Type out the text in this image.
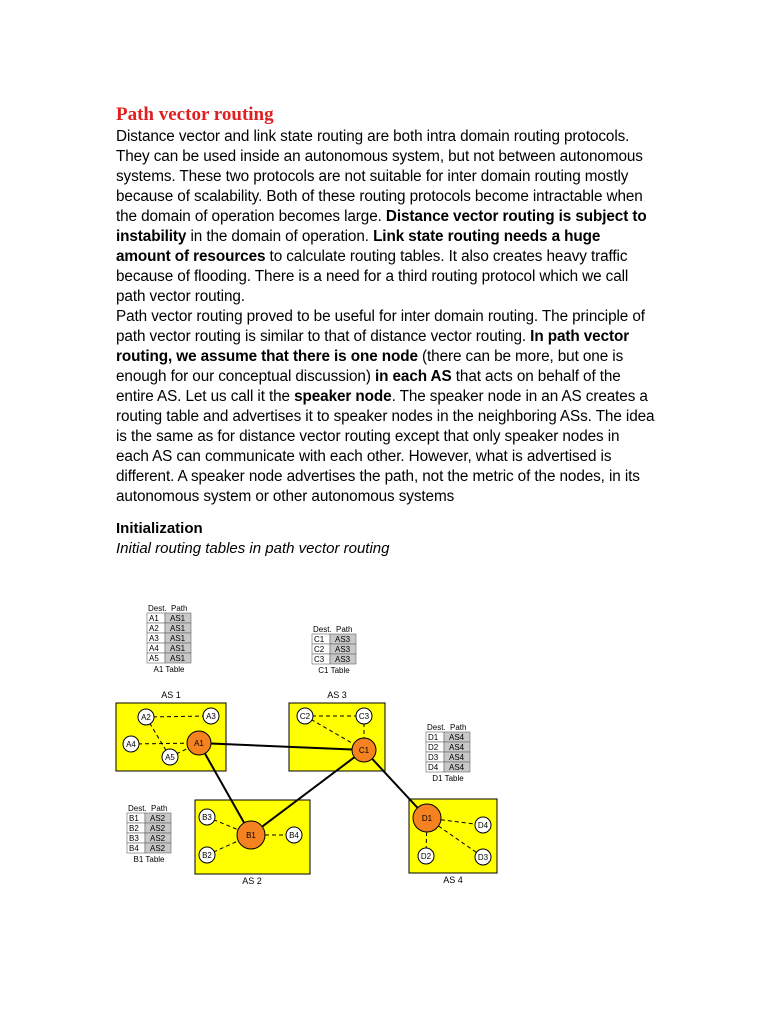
Path vector routing

Distance vector and link state routing are both intra domain routing protocols. They can be used inside an autonomous system, but not between autonomous systems. These two protocols are not suitable for inter domain routing mostly because of scalability. Both of these routing protocols become intractable when the domain of operation becomes large. Distance vector routing is subject to instability in the domain of operation. Link state routing needs a huge amount of resources to calculate routing tables. It also creates heavy traffic because of flooding. There is a need for a third routing protocol which we call path vector routing.

Path vector routing proved to be useful for inter domain routing. The principle of path vector routing is similar to that of distance vector routing. In path vector routing, we assume that there is one node (there can be more, but one is enough for our conceptual discussion) in each AS that acts on behalf of the entire AS. Let us call it the speaker node. The speaker node in an AS creates a routing table and advertises it to speaker nodes in the neighboring ASs. The idea is the same as for distance vector routing except that only speaker nodes in each AS can communicate with each other. However, what is advertised is different. A speaker node advertises the path, not the metric of the nodes, in its autonomous system or other autonomous systems

Initialization

Initial routing tables in path vector routing

AS 1	AS 3
AS 2	AS 4
A1
A2	A3
A4
A5
B1
B2
B3
B4
C1
C2	C3
D1
D2	D3
D4
Dest. Path
A1 AS1
A2 AS1
A3 AS1
A4 AS1
A5 AS1
A1 Table
Dest. Path
C1 AS3
C2 AS3
C3 AS3
C1 Table
Dest. Path
D1 AS4
D2 AS4
D3 AS4
D4 AS4
D1 Table
Dest. Path
B1 AS2
B2 AS2
B3 AS2
B4 AS2
B1 Table
